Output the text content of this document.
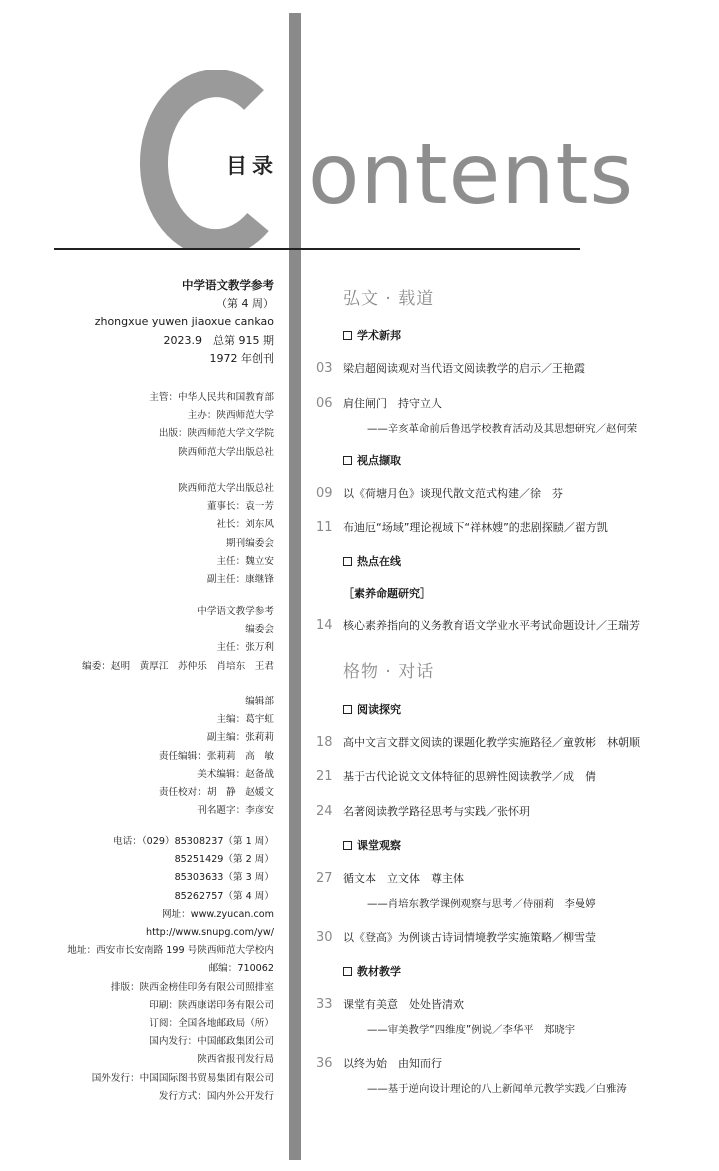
目录 ontents
中学语文教学参考
（第 4 周）
zhongxue yuwen jiaoxue cankao
2023.9　总第 915 期
1972 年创刊
主管：中华人民共和国教育部
主办：陕西师范大学
出版：陕西师范大学文学院
陕西师范大学出版总社
陕西师范大学出版总社
董事长：袁一芳
社长：刘东风
期刊编委会
主任：魏立安
副主任：康继锋
中学语文教学参考
编委会
主任：张万利
编委：赵明　黄厚江　苏仲乐　肖培东　王君
编辑部
主编：葛宇虹
副主编：张莉莉
责任编辑：张莉莉　高　敏
美术编辑：赵备战
责任校对：胡　静　赵媛文
刊名题字：李彦安
电话：（029）85308237（第 1 周）
85251429（第 2 周）
85303633（第 3 周）
85262757（第 4 周）
网址：www.zyucan.com
http://www.snupg.com/yw/
地址：西安市长安南路 199 号陕西师范大学校内
邮编：710062
排版：陕西金榜佳印务有限公司照排室
印刷：陕西康诺印务有限公司
订阅：全国各地邮政局（所）
国内发行：中国邮政集团公司
陕西省报刊发行局
国外发行：中国国际图书贸易集团有限公司
发行方式：国内外公开发行
弘文 · 载道
学术新邦
03 梁启超阅读观对当代语文阅读教学的启示／王艳霞
06 肩住闸门　持守立人
——辛亥革命前后鲁迅学校教育活动及其思想研究／赵何荣
视点撷取
09 以《荷塘月色》谈现代散文范式构建／徐　芬
11 布迪厄“场域”理论视域下“祥林嫂”的悲剧探赜／翟方凯
热点在线
［素养命题研究］
14 核心素养指向的义务教育语文学业水平考试命题设计／王瑞芳
格物 · 对话
阅读探究
18 高中文言文群文阅读的课题化教学实施路径／童敦彬　林朝顺
21 基于古代论说文文体特征的思辨性阅读教学／成　倩
24 名著阅读教学路径思考与实践／张怀玥
课堂观察
27 循文本　立文体　尊主体
——肖培东教学课例观察与思考／侍丽莉　李曼婷
30 以《登高》为例谈古诗词情境教学实施策略／柳雪莹
教材教学
33 课堂有美意　处处皆清欢
——审美教学“四维度”例说／李华平　郑晓宇
36 以终为始　由知而行
——基于逆向设计理论的八上新闻单元教学实践／白雅涛
